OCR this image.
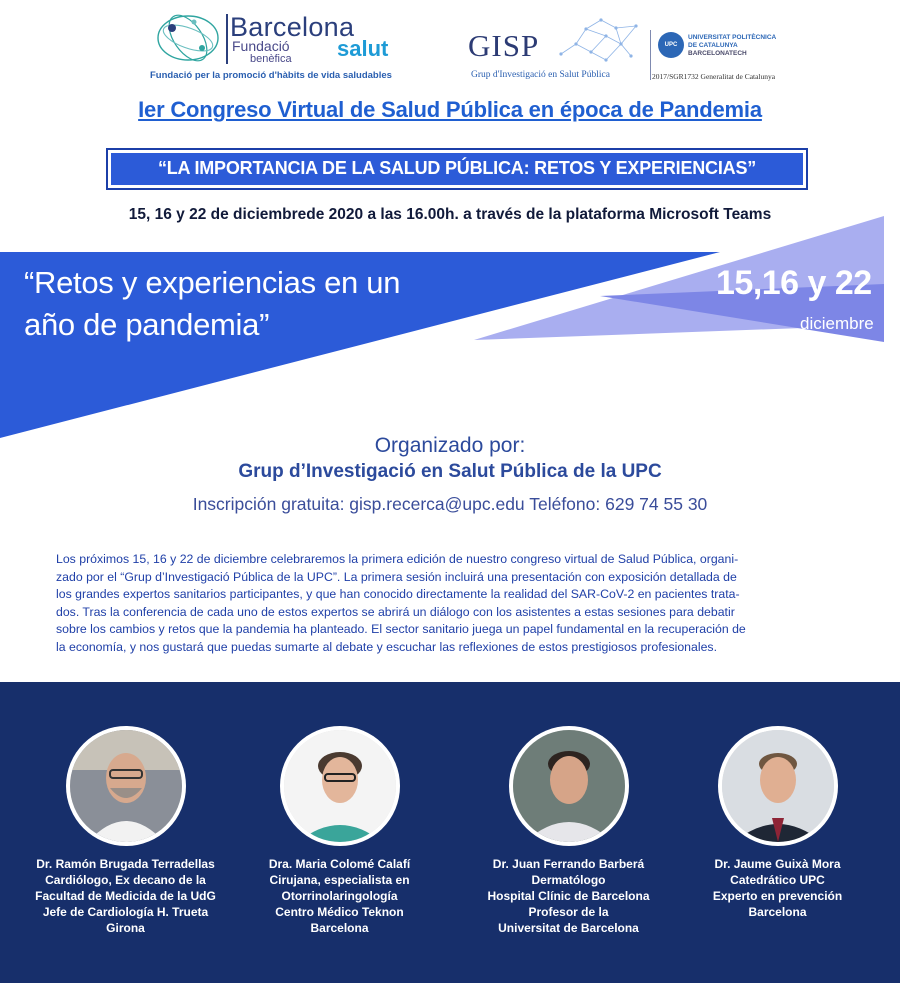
Barcelona
Fundació
benèfica salut
Fundació per la promoció d'hàbits de vida saludables
GISP
Grup d'Investigació en Salut Pública
UPC
UNIVERSITAT POLITÈCNICA
DE CATALUNYA
BARCELONATECH
2017/SGR1732 Generalitat de Catalunya
Ier Congreso Virtual de Salud Pública en época de Pandemia
“LA IMPORTANCIA DE LA SALUD PÚBLICA: RETOS Y EXPERIENCIAS”
15, 16 y 22 de diciembrede 2020 a las 16.00h. a través de la plataforma Microsoft Teams
“Retos y experiencias en un
año de pandemia”
15,16 y 22
diciembre
Organizado por:
Grup d’Investigació en Salut Pública de la UPC
Inscripción gratuita: gisp.recerca@upc.edu Teléfono: 629 74 55 30
Los próximos 15, 16 y 22 de diciembre celebraremos la primera edición de nuestro congreso virtual de Salud Pública, organi-
zado por el “Grup d’Investigació Pública de la UPC”. La primera sesión incluirá una presentación con exposición detallada de
los grandes expertos sanitarios participantes, y que han conocido directamente la realidad del SAR-CoV-2 en pacientes trata-
dos. Tras la conferencia de cada uno de estos expertos se abrirá un diálogo con los asistentes a estas sesiones para debatir
sobre los cambios y retos que la pandemia ha planteado. El sector sanitario juega un papel fundamental en la recuperación de
la economía, y nos gustará que puedas sumarte al debate y escuchar las reflexiones de estos prestigiosos profesionales.
Dr. Ramón Brugada Terradellas
Cardiólogo, Ex decano de la
Facultad de Medicida de la UdG
Jefe de Cardiología H. Trueta
Girona
Dra. Maria Colomé Calafí
Cirujana, especialista en
Otorrinolaringología
Centro Médico Teknon
Barcelona
Dr. Juan Ferrando Barberá
Dermatólogo
Hospital Clínic de Barcelona
Profesor de la
Universitat de Barcelona
Dr. Jaume Guixà Mora
Catedrático UPC
Experto en prevención
Barcelona
